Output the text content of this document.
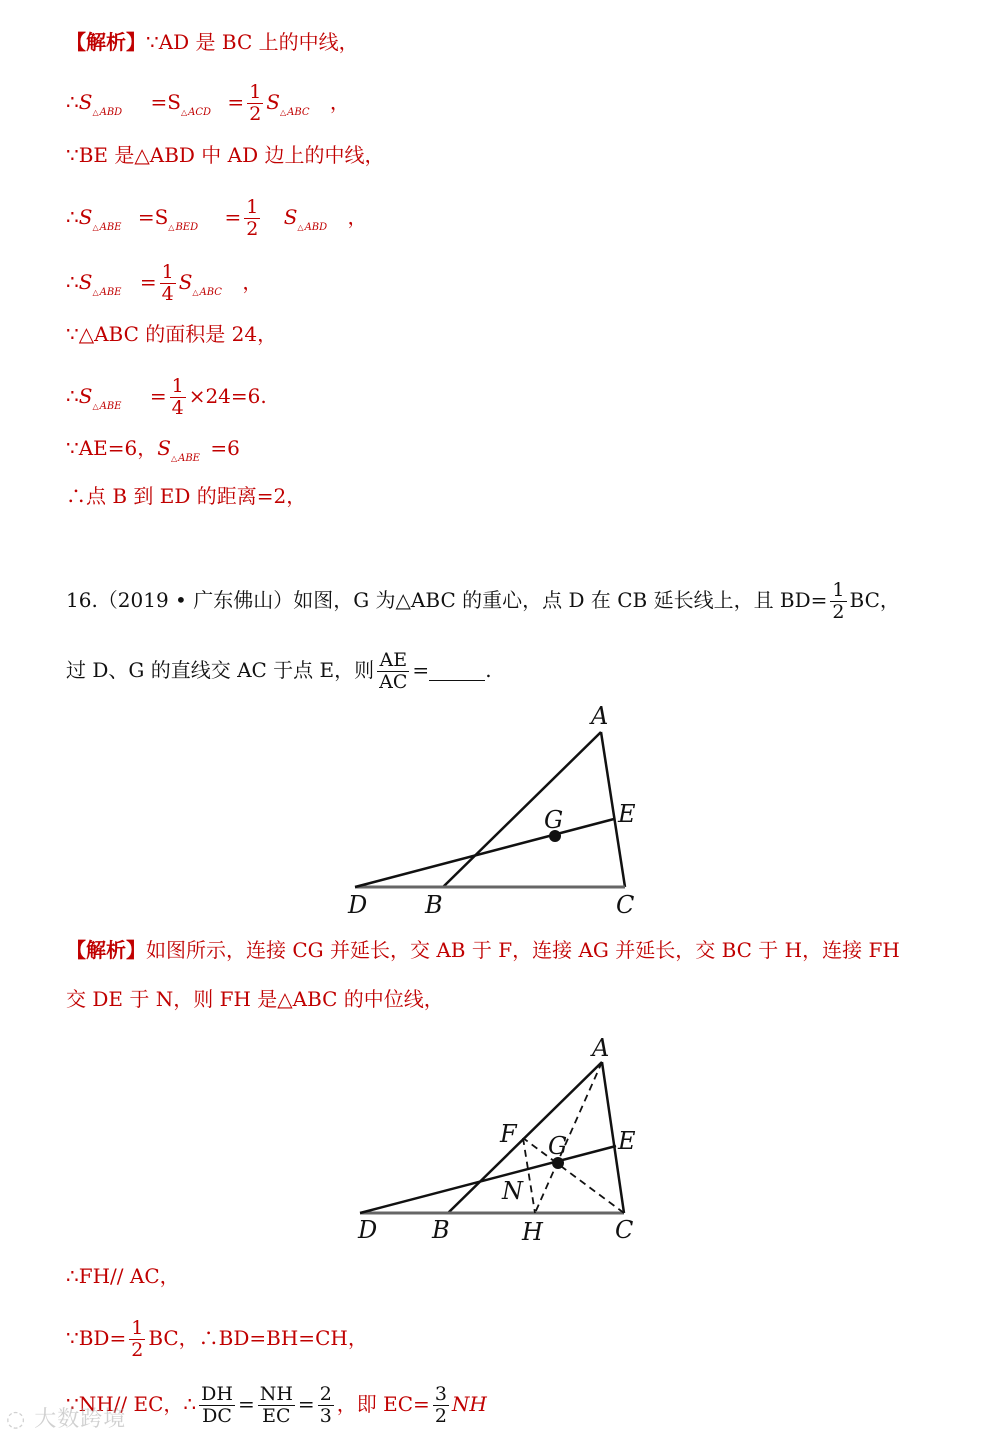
【解析】∵AD 是 BC 上的中线，
$\therefore S_{\triangle ABD} =S_{\triangle ACD} = \frac{1}{2} S_{\triangle ABC}$ ，
∵BE 是△ABD 中 AD 边上的中线，
$\therefore S_{\triangle ABE} =S_{\triangle BED} = \frac{1}{2} S_{\triangle ABD}$ ，
$\therefore S_{\triangle ABE} = \frac{1}{4} S_{\triangle ABC}$ ，
∵△ABC 的面积是 24，
$\therefore S_{\triangle ABE} = \frac{1}{4} \times 24=6$.
∵AE=6，$S_{\triangle ABE} =6$
∴点 B 到 ED 的距离=2，
16.（2019 • 广东佛山）如图，G 为△ABC 的重心，点 D 在 CB 延长线上，且 $BD= \frac{1}{2}$ BC，
过 D、G 的直线交 AC 于点 E，则 $\frac{AE}{AC}$ =	.
A
G E
D B	C
A
F G E
N
D B	H	C
【解析】如图所示，连接 CG 并延长，交 AB 于 F，连接 AG 并延长，交 BC 于 H，连接 FH
交 DE 于 N，则 FH 是△ABC 的中位线，
∴FH// AC，
∵BD= $\frac{1}{2}$ BC，∴BD=BH=CH，
∵NH// EC，∴ $\frac{DH}{DC} = \frac{NH}{EC} = \frac{2}{3}$ ，即 $EC= \frac{3}{2}$ NH
◌ 大数跨境
